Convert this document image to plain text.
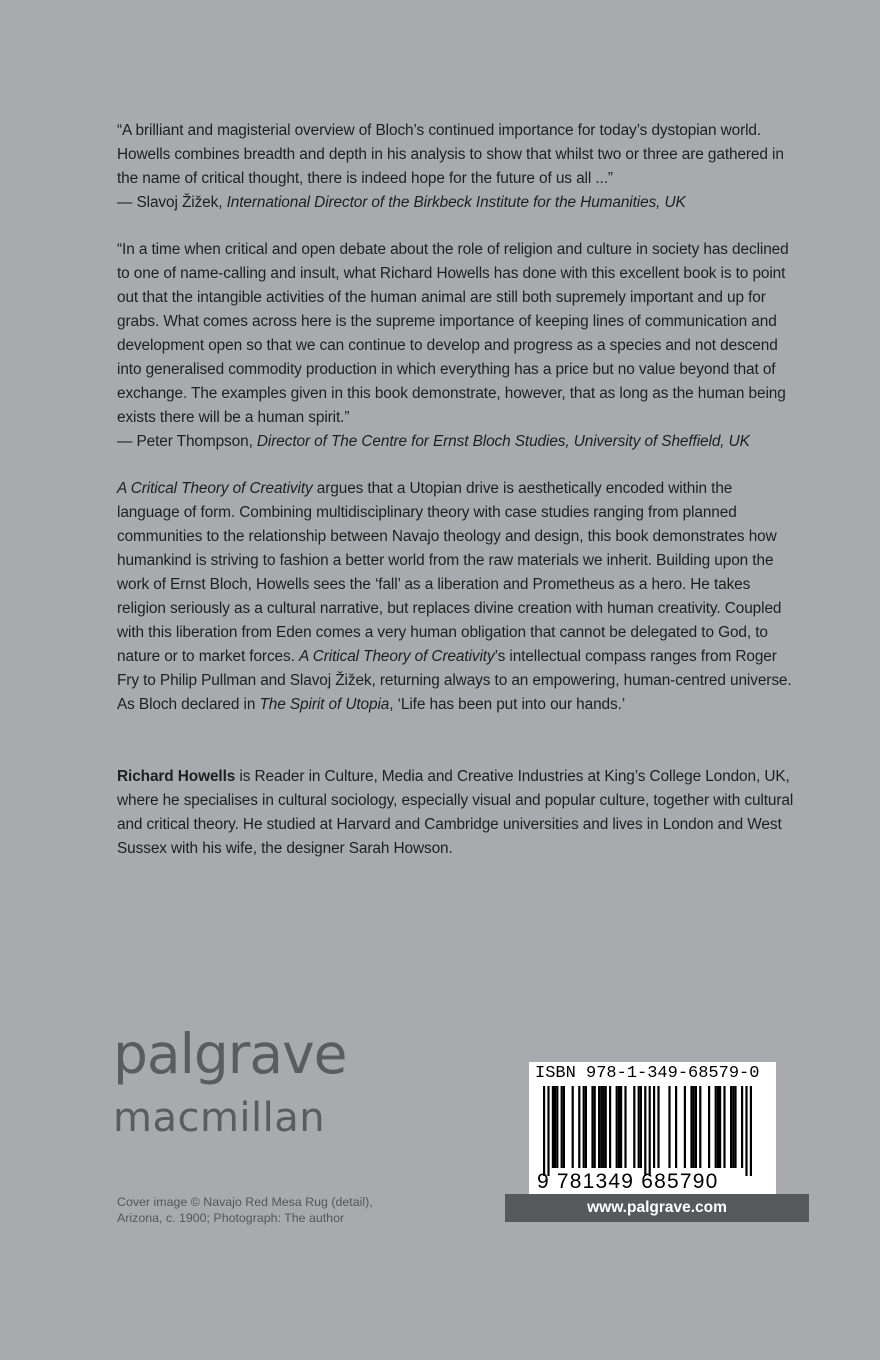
“A brilliant and magisterial overview of Bloch’s continued importance for today’s dystopian world. Howells combines breadth and depth in his analysis to show that whilst two or three are gathered in the name of critical thought, there is indeed hope for the future of us all ...”
— Slavoj Žižek, International Director of the Birkbeck Institute for the Humanities, UK

“In a time when critical and open debate about the role of religion and culture in society has declined to one of name-calling and insult, what Richard Howells has done with this excellent book is to point out that the intangible activities of the human animal are still both supremely important and up for grabs. What comes across here is the supreme importance of keeping lines of communication and development open so that we can continue to develop and progress as a species and not descend into generalised commodity production in which everything has a price but no value beyond that of exchange. The examples given in this book demonstrate, however, that as long as the human being exists there will be a human spirit.”
— Peter Thompson, Director of The Centre for Ernst Bloch Studies, University of Sheffield, UK

A Critical Theory of Creativity argues that a Utopian drive is aesthetically encoded within the language of form. Combining multidisciplinary theory with case studies ranging from planned communities to the relationship between Navajo theology and design, this book demonstrates how humankind is striving to fashion a better world from the raw materials we inherit. Building upon the work of Ernst Bloch, Howells sees the ‘fall’ as a liberation and Prometheus as a hero. He takes religion seriously as a cultural narrative, but replaces divine creation with human creativity. Coupled with this liberation from Eden comes a very human obligation that cannot be delegated to God, to nature or to market forces. A Critical Theory of Creativity’s intellectual compass ranges from Roger Fry to Philip Pullman and Slavoj Žižek, returning always to an empowering, human-centred universe. As Bloch declared in The Spirit of Utopia, ‘Life has been put into our hands.’

Richard Howells is Reader in Culture, Media and Creative Industries at King’s College London, UK, where he specialises in cultural sociology, especially visual and popular culture, together with cultural and critical theory. He studied at Harvard and Cambridge universities and lives in London and West Sussex with his wife, the designer Sarah Howson.

palgrave
macmillan
Cover image © Navajo Red Mesa Rug (detail),
Arizona, c. 1900; Photograph: The author
ISBN 978-1-349-68579-0
9 781349 685790
www.palgrave.com
